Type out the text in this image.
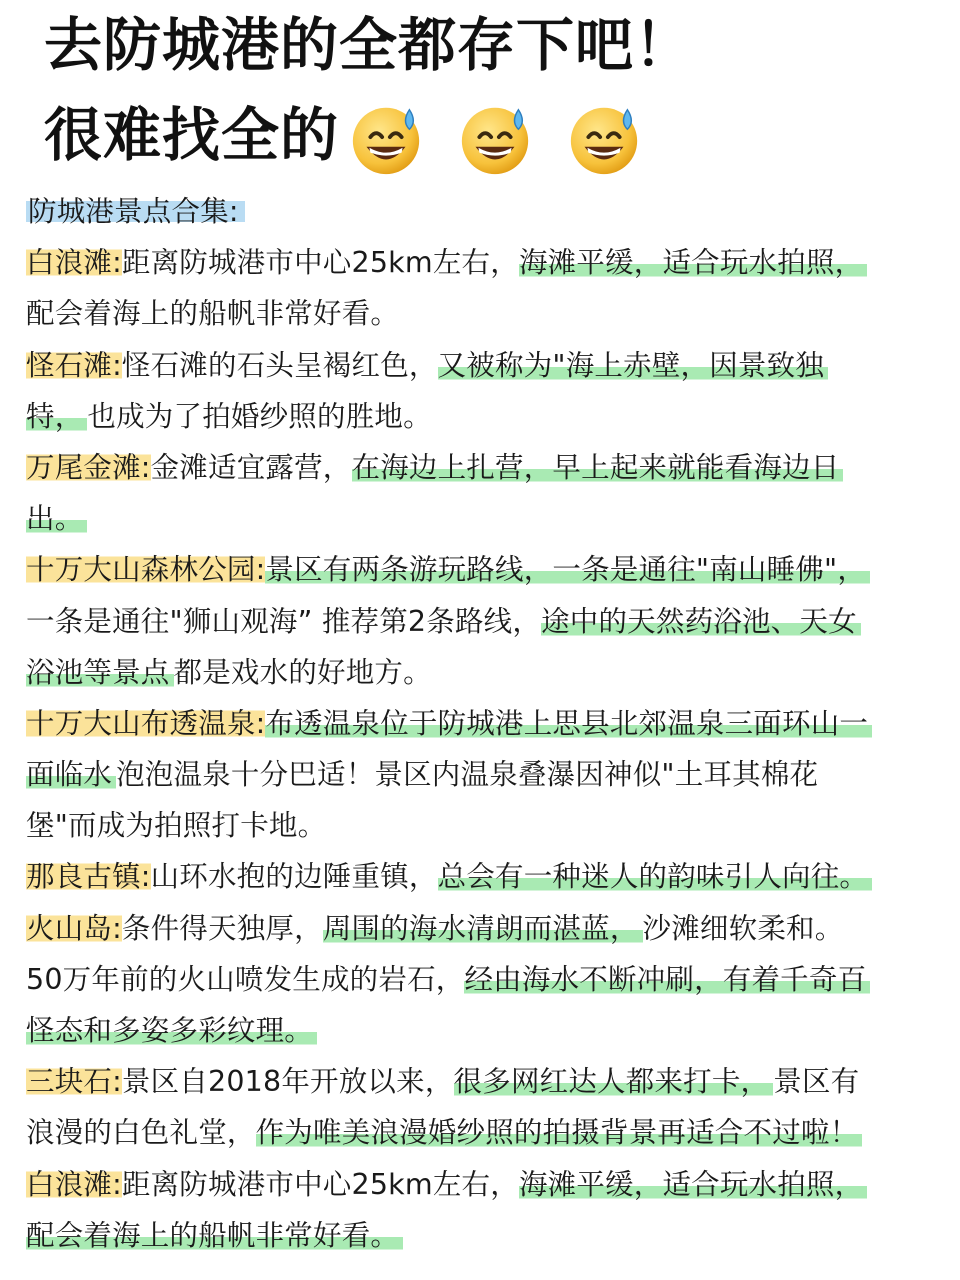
去防城港的全都存下吧！
很难找全的
防城港景点合集:
白浪滩:距离防城港市中心25km左右，海滩平缓，适合玩水拍照，
配会着海上的船帆非常好看。
怪石滩:怪石滩的石头呈褐红色，又被称为"海上赤壁，因景致独
特， 也成为了拍婚纱照的胜地。
万尾金滩:金滩适宜露营，在海边上扎营，早上起来就能看海边日
出。
十万大山森林公园:景区有两条游玩路线，一条是通往"南山睡佛"，
一条是通往"狮山观海” 推荐第2条路线，途中的天然药浴池、天女
浴池等景点 都是戏水的好地方。
十万大山布透温泉:布透温泉位于防城港上思县北郊温泉三面环山一
面临水 泡泡温泉十分巴适！景区内温泉叠瀑因神似"土耳其棉花
堡"而成为拍照打卡地。
那良古镇:山环水抱的边陲重镇，总会有一种迷人的韵味引人向往。
火山岛:条件得天独厚，周围的海水清朗而湛蓝， 沙滩细软柔和。
50万年前的火山喷发生成的岩石，经由海水不断冲刷，有着千奇百
怪态和多姿多彩纹理。
三块石:景区自2018年开放以来，很多网红达人都来打卡， 景区有
浪漫的白色礼堂，作为唯美浪漫婚纱照的拍摄背景再适合不过啦！
白浪滩:距离防城港市中心25km左右，海滩平缓，适合玩水拍照，
配会着海上的船帆非常好看。
